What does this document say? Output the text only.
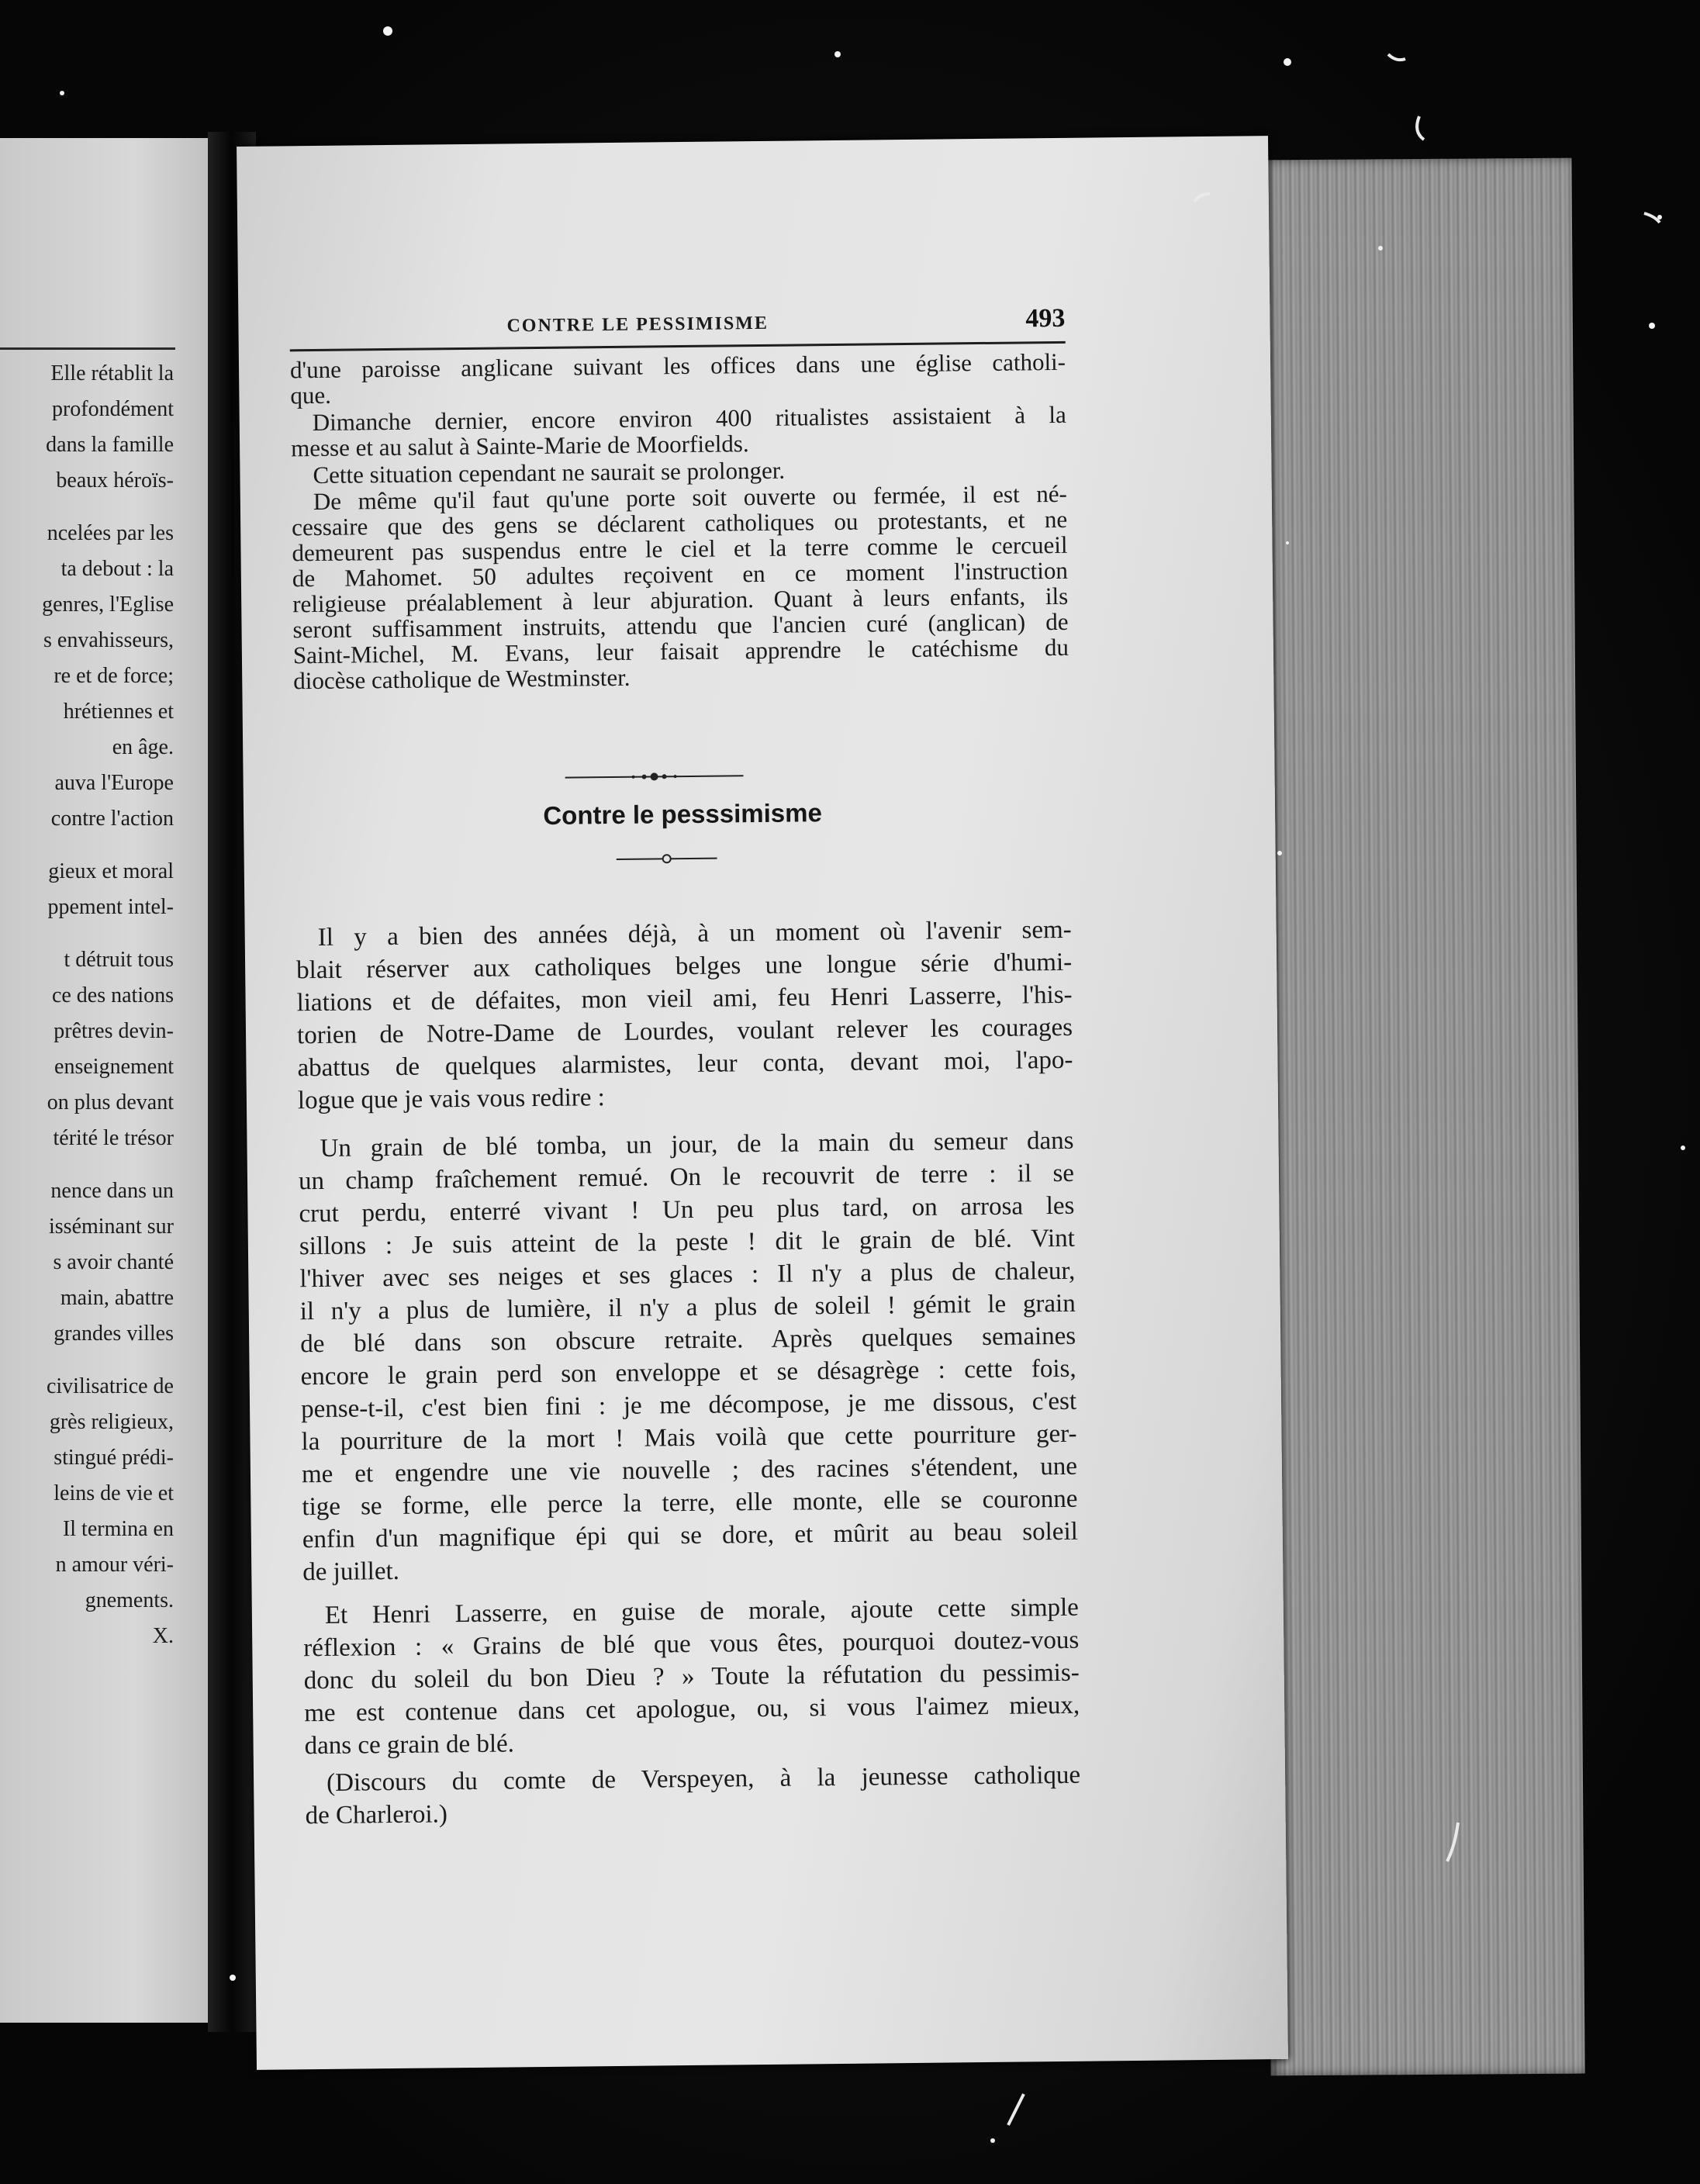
Elle rétablit la
profondément
dans la famille
beaux héroïs-
ncelées par les
ta debout : la
genres, l'Eglise
s envahisseurs,
re et de force;
hrétiennes et
en âge.
auva l'Europe
contre l'action
gieux et moral
ppement intel-
t détruit tous
ce des nations
prêtres devin-
enseignement
on plus devant
térité le trésor
nence dans un
isséminant sur
s avoir chanté
main, abattre
grandes villes
civilisatrice de
grès religieux,
stingué prédi-
leins de vie et
Il termina en
n amour véri-
gnements.
X.
CONTRE LE PESSIMISME	493
d'une paroisse anglicane suivant les offices dans une église catholi-
que.
Dimanche dernier, encore environ 400 ritualistes assistaient à la
messe et au salut à Sainte-Marie de Moorfields.
Cette situation cependant ne saurait se prolonger.
De même qu'il faut qu'une porte soit ouverte ou fermée, il est né-
cessaire que des gens se déclarent catholiques ou protestants, et ne
demeurent pas suspendus entre le ciel et la terre comme le cercueil
de Mahomet. 50 adultes reçoivent en ce moment l'instruction
religieuse préalablement à leur abjuration. Quant à leurs enfants, ils
seront suffisamment instruits, attendu que l'ancien curé (anglican) de
Saint-Michel, M. Evans, leur faisait apprendre le catéchisme du
diocèse catholique de Westminster.
Contre le pesssimisme
Il y a bien des années déjà, à un moment où l'avenir sem-
blait réserver aux catholiques belges une longue série d'humi-
liations et de défaites, mon vieil ami, feu Henri Lasserre, l'his-
torien de Notre-Dame de Lourdes, voulant relever les courages
abattus de quelques alarmistes, leur conta, devant moi, l'apo-
logue que je vais vous redire :
Un grain de blé tomba, un jour, de la main du semeur dans
un champ fraîchement remué. On le recouvrit de terre : il se
crut perdu, enterré vivant ! Un peu plus tard, on arrosa les
sillons : Je suis atteint de la peste ! dit le grain de blé. Vint
l'hiver avec ses neiges et ses glaces : Il n'y a plus de chaleur,
il n'y a plus de lumière, il n'y a plus de soleil ! gémit le grain
de blé dans son obscure retraite. Après quelques semaines
encore le grain perd son enveloppe et se désagrège : cette fois,
pense-t-il, c'est bien fini : je me décompose, je me dissous, c'est
la pourriture de la mort ! Mais voilà que cette pourriture ger-
me et engendre une vie nouvelle ; des racines s'étendent, une
tige se forme, elle perce la terre, elle monte, elle se couronne
enfin d'un magnifique épi qui se dore, et mûrit au beau soleil
de juillet.
Et Henri Lasserre, en guise de morale, ajoute cette simple
réflexion : « Grains de blé que vous êtes, pourquoi doutez-vous
donc du soleil du bon Dieu ? » Toute la réfutation du pessimis-
me est contenue dans cet apologue, ou, si vous l'aimez mieux,
dans ce grain de blé.
(Discours du comte de Verspeyen, à la jeunesse catholique
de Charleroi.)
